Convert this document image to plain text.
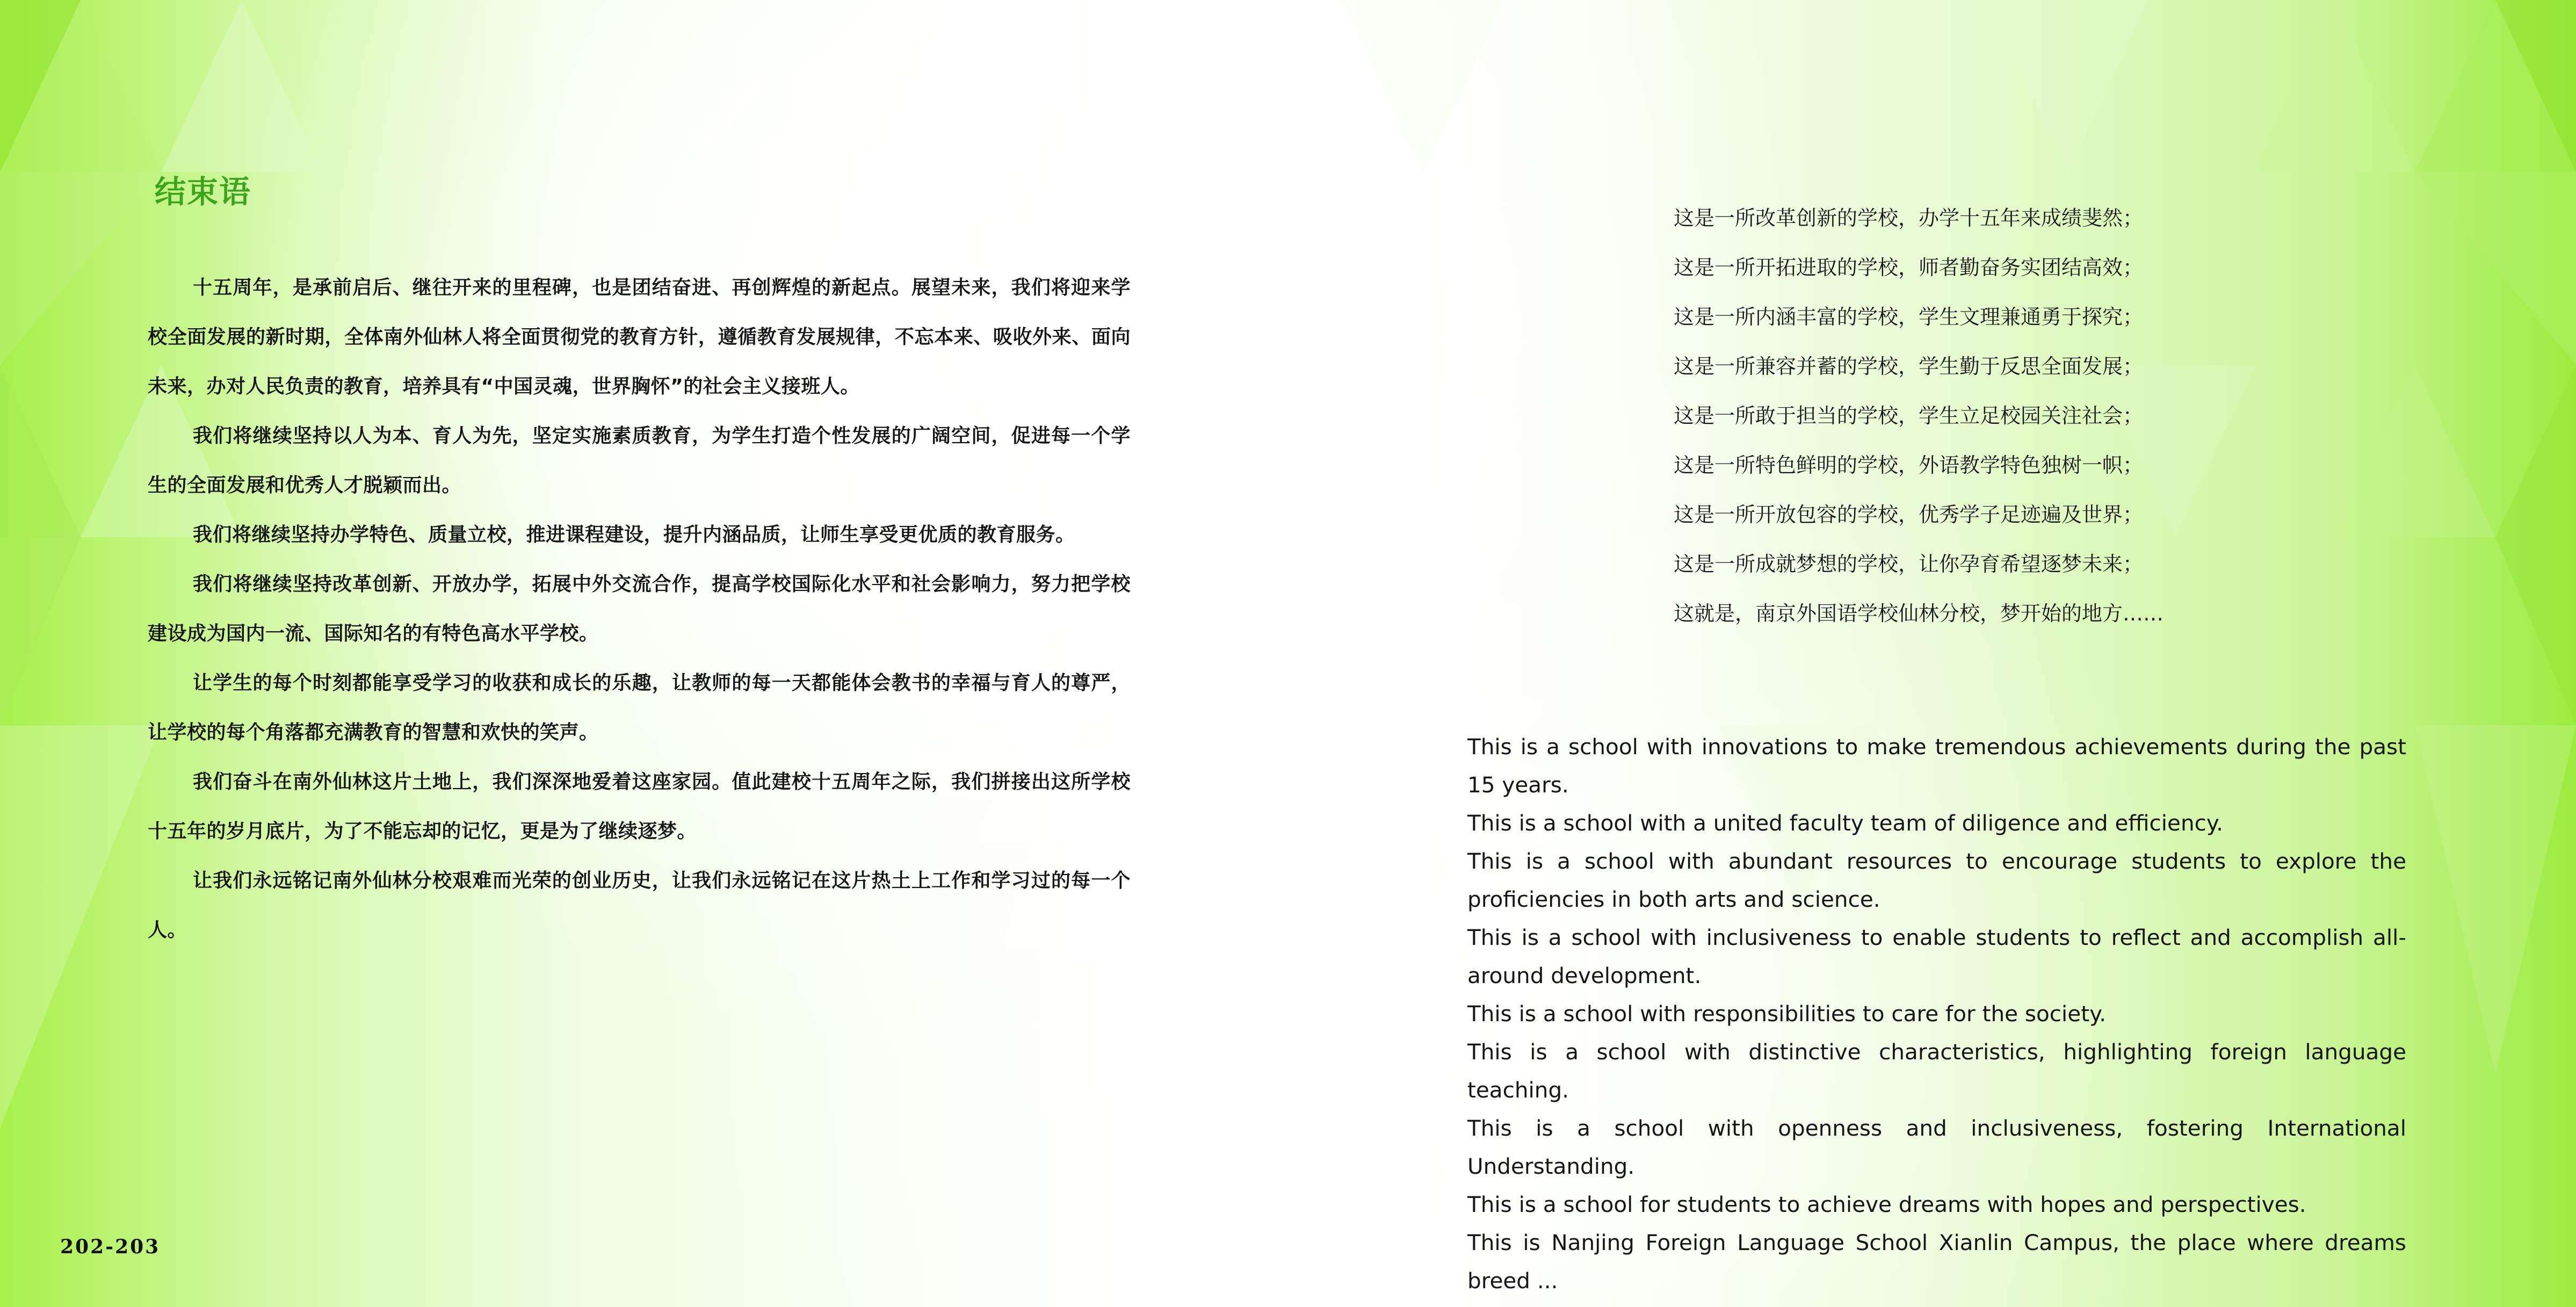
结束语

十五周年，是承前启后、继往开来的里程碑，也是团结奋进、再创辉煌的新起点。展望未来，我们将迎来学校全面发展的新时期，全体南外仙林人将全面贯彻党的教育方针，遵循教育发展规律，不忘本来、吸收外来、面向未来，办对人民负责的教育，培养具有“中国灵魂，世界胸怀”的社会主义接班人。

我们将继续坚持以人为本、育人为先，坚定实施素质教育，为学生打造个性发展的广阔空间，促进每一个学生的全面发展和优秀人才脱颖而出。

我们将继续坚持办学特色、质量立校，推进课程建设，提升内涵品质，让师生享受更优质的教育服务。

我们将继续坚持改革创新、开放办学，拓展中外交流合作，提高学校国际化水平和社会影响力，努力把学校建设成为国内一流、国际知名的有特色高水平学校。

让学生的每个时刻都能享受学习的收获和成长的乐趣，让教师的每一天都能体会教书的幸福与育人的尊严，让学校的每个角落都充满教育的智慧和欢快的笑声。

我们奋斗在南外仙林这片土地上，我们深深地爱着这座家园。值此建校十五周年之际，我们拼接出这所学校十五年的岁月底片，为了不能忘却的记忆，更是为了继续逐梦。

让我们永远铭记南外仙林分校艰难而光荣的创业历史，让我们永远铭记在这片热土上工作和学习过的每一个人。

202-203
这是一所改革创新的学校，办学十五年来成绩斐然；
这是一所开拓进取的学校，师者勤奋务实团结高效；
这是一所内涵丰富的学校，学生文理兼通勇于探究；
这是一所兼容并蓄的学校，学生勤于反思全面发展；
这是一所敢于担当的学校，学生立足校园关注社会；
这是一所特色鲜明的学校，外语教学特色独树一帜；
这是一所开放包容的学校，优秀学子足迹遍及世界；
这是一所成就梦想的学校，让你孕育希望逐梦未来；
这就是，南京外国语学校仙林分校，梦开始的地方……
This is a school with innovations to make tremendous achievements during the past 15 years.
This is a school with a united faculty team of diligence and efficiency.
This is a school with abundant resources to encourage students to explore the proficiencies in both arts and science.
This is a school with inclusiveness to enable students to reflect and accomplish all-around development.
This is a school with responsibilities to care for the society.
This is a school with distinctive characteristics, highlighting foreign language teaching.
This is a school with openness and inclusiveness, fostering International Understanding.
This is a school for students to achieve dreams with hopes and perspectives.
This is Nanjing Foreign Language School Xianlin Campus, the place where dreams breed ...
